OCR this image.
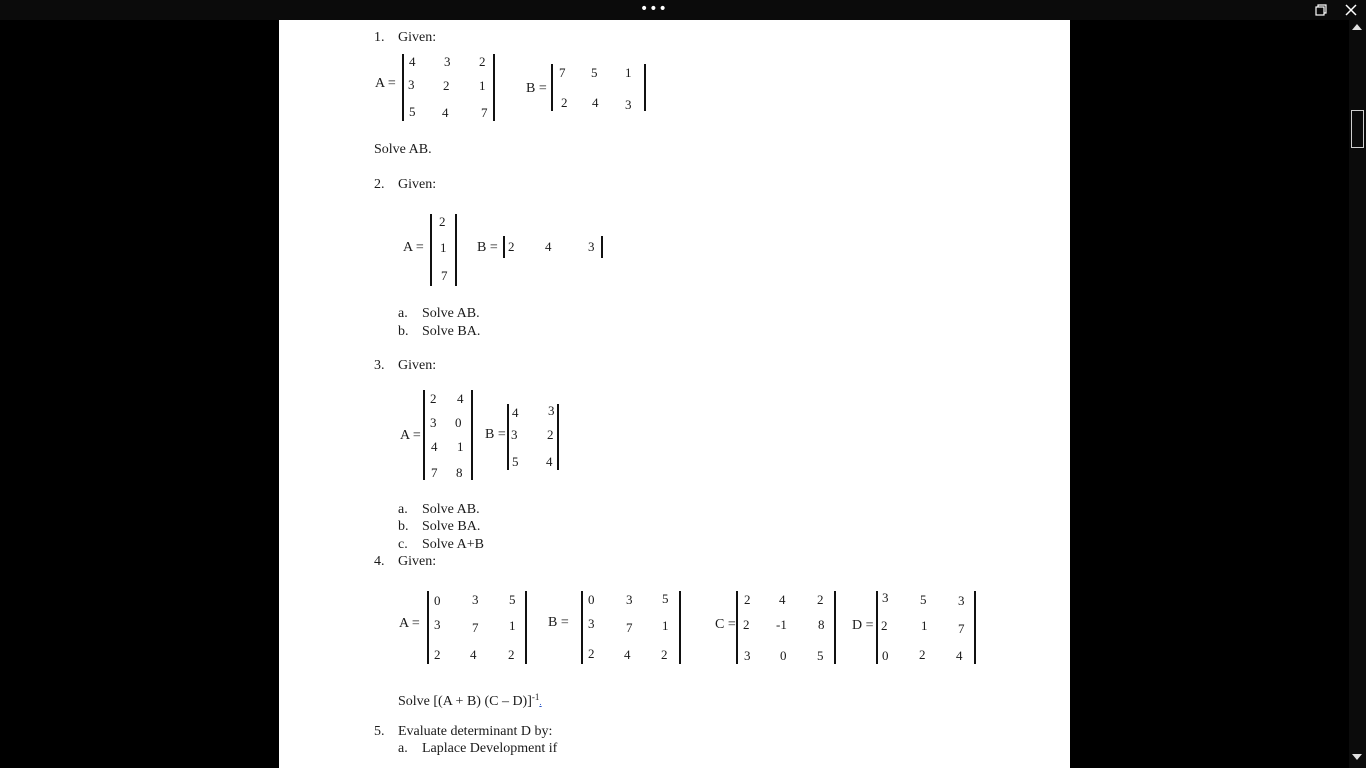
•••
1. Given:
A =
4 3 2
3 2 1
5 4	7
B =
7 5 1
2 4 3
Solve AB.
2. Given:
A =
2
1
7
B = 2 4	3
a. Solve AB.
b. Solve BA.
3. Given:
A =
2 4
3 0
4 1
7 8
B =
4 3
3 2
5 4
a. Solve AB.
b. Solve BA.
c. Solve A+B
4. Given:
A =
0 3 5
3 7 1
2 4 2
B =
0 3 5
3 7 1
2 4 2
C =
2 4 2
2 -1 8
3 0 5
D =
3 5 3
2	1 7
0 2 4
Solve [(A + B) (C – D)]$^{-1}$.
5. Evaluate determinant D by:
a. Laplace Development if
